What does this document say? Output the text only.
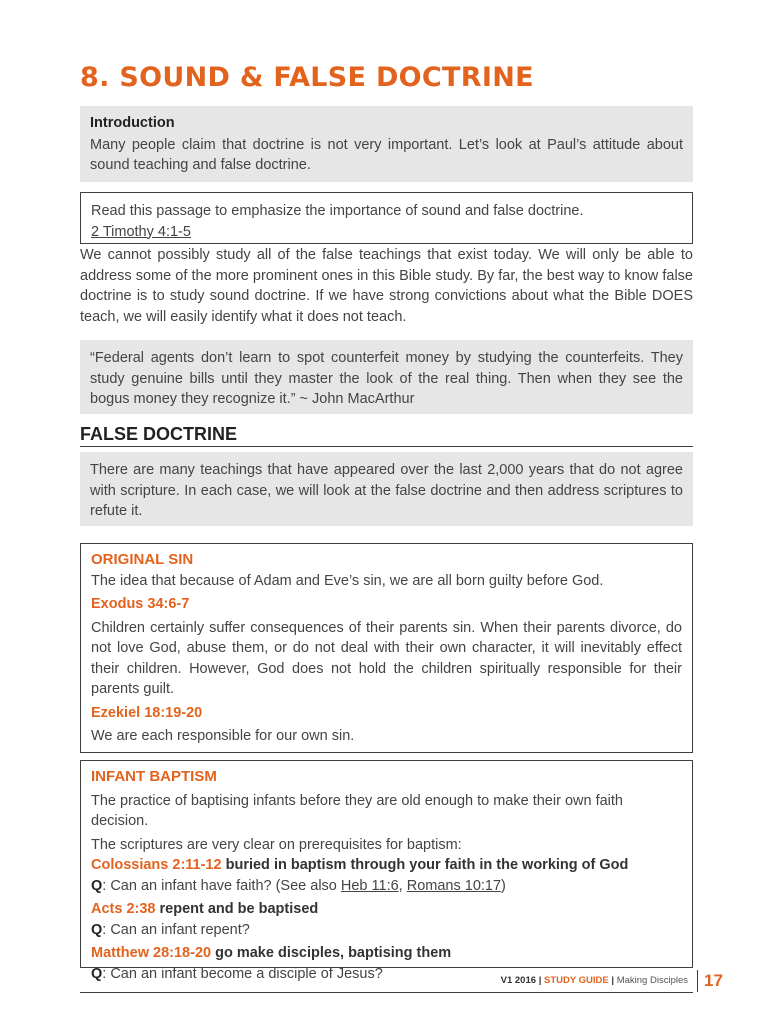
8. SOUND & FALSE DOCTRINE
Introduction
Many people claim that doctrine is not very important. Let’s look at Paul’s attitude about sound teaching and false doctrine.
Read this passage to emphasize the importance of sound and false doctrine.
2 Timothy 4:1-5
We cannot possibly study all of the false teachings that exist today. We will only be able to address some of the more prominent ones in this Bible study. By far, the best way to know false doctrine is to study sound doctrine. If we have strong convictions about what the Bible DOES teach, we will easily identify what it does not teach.
“Federal agents don’t learn to spot counterfeit money by studying the counterfeits. They study genuine bills until they master the look of the real thing. Then when they see the bogus money they recognize it.” ~ John MacArthur
FALSE DOCTRINE
There are many teachings that have appeared over the last 2,000 years that do not agree with scripture. In each case, we will look at the false doctrine and then address scriptures to refute it.
ORIGINAL SIN
The idea that because of Adam and Eve’s sin, we are all born guilty before God.
Exodus 34:6-7
Children certainly suffer consequences of their parents sin. When their parents divorce, do not love God, abuse them, or do not deal with their own character, it will inevitably effect their children. However, God does not hold the children spiritually responsible for their parents guilt.
Ezekiel 18:19-20
We are each responsible for our own sin.
INFANT BAPTISM
The practice of baptising infants before they are old enough to make their own faith decision.
The scriptures are very clear on prerequisites for baptism:
Colossians 2:11-12 buried in baptism through your faith in the working of God
Q: Can an infant have faith? (See also Heb 11:6, Romans 10:17)
Acts 2:38 repent and be baptised
Q: Can an infant repent?
Matthew 28:18-20 go make disciples, baptising them
Q: Can an infant become a disciple of Jesus?	V1 2016 | STUDY GUIDE | Making Disciples 17
